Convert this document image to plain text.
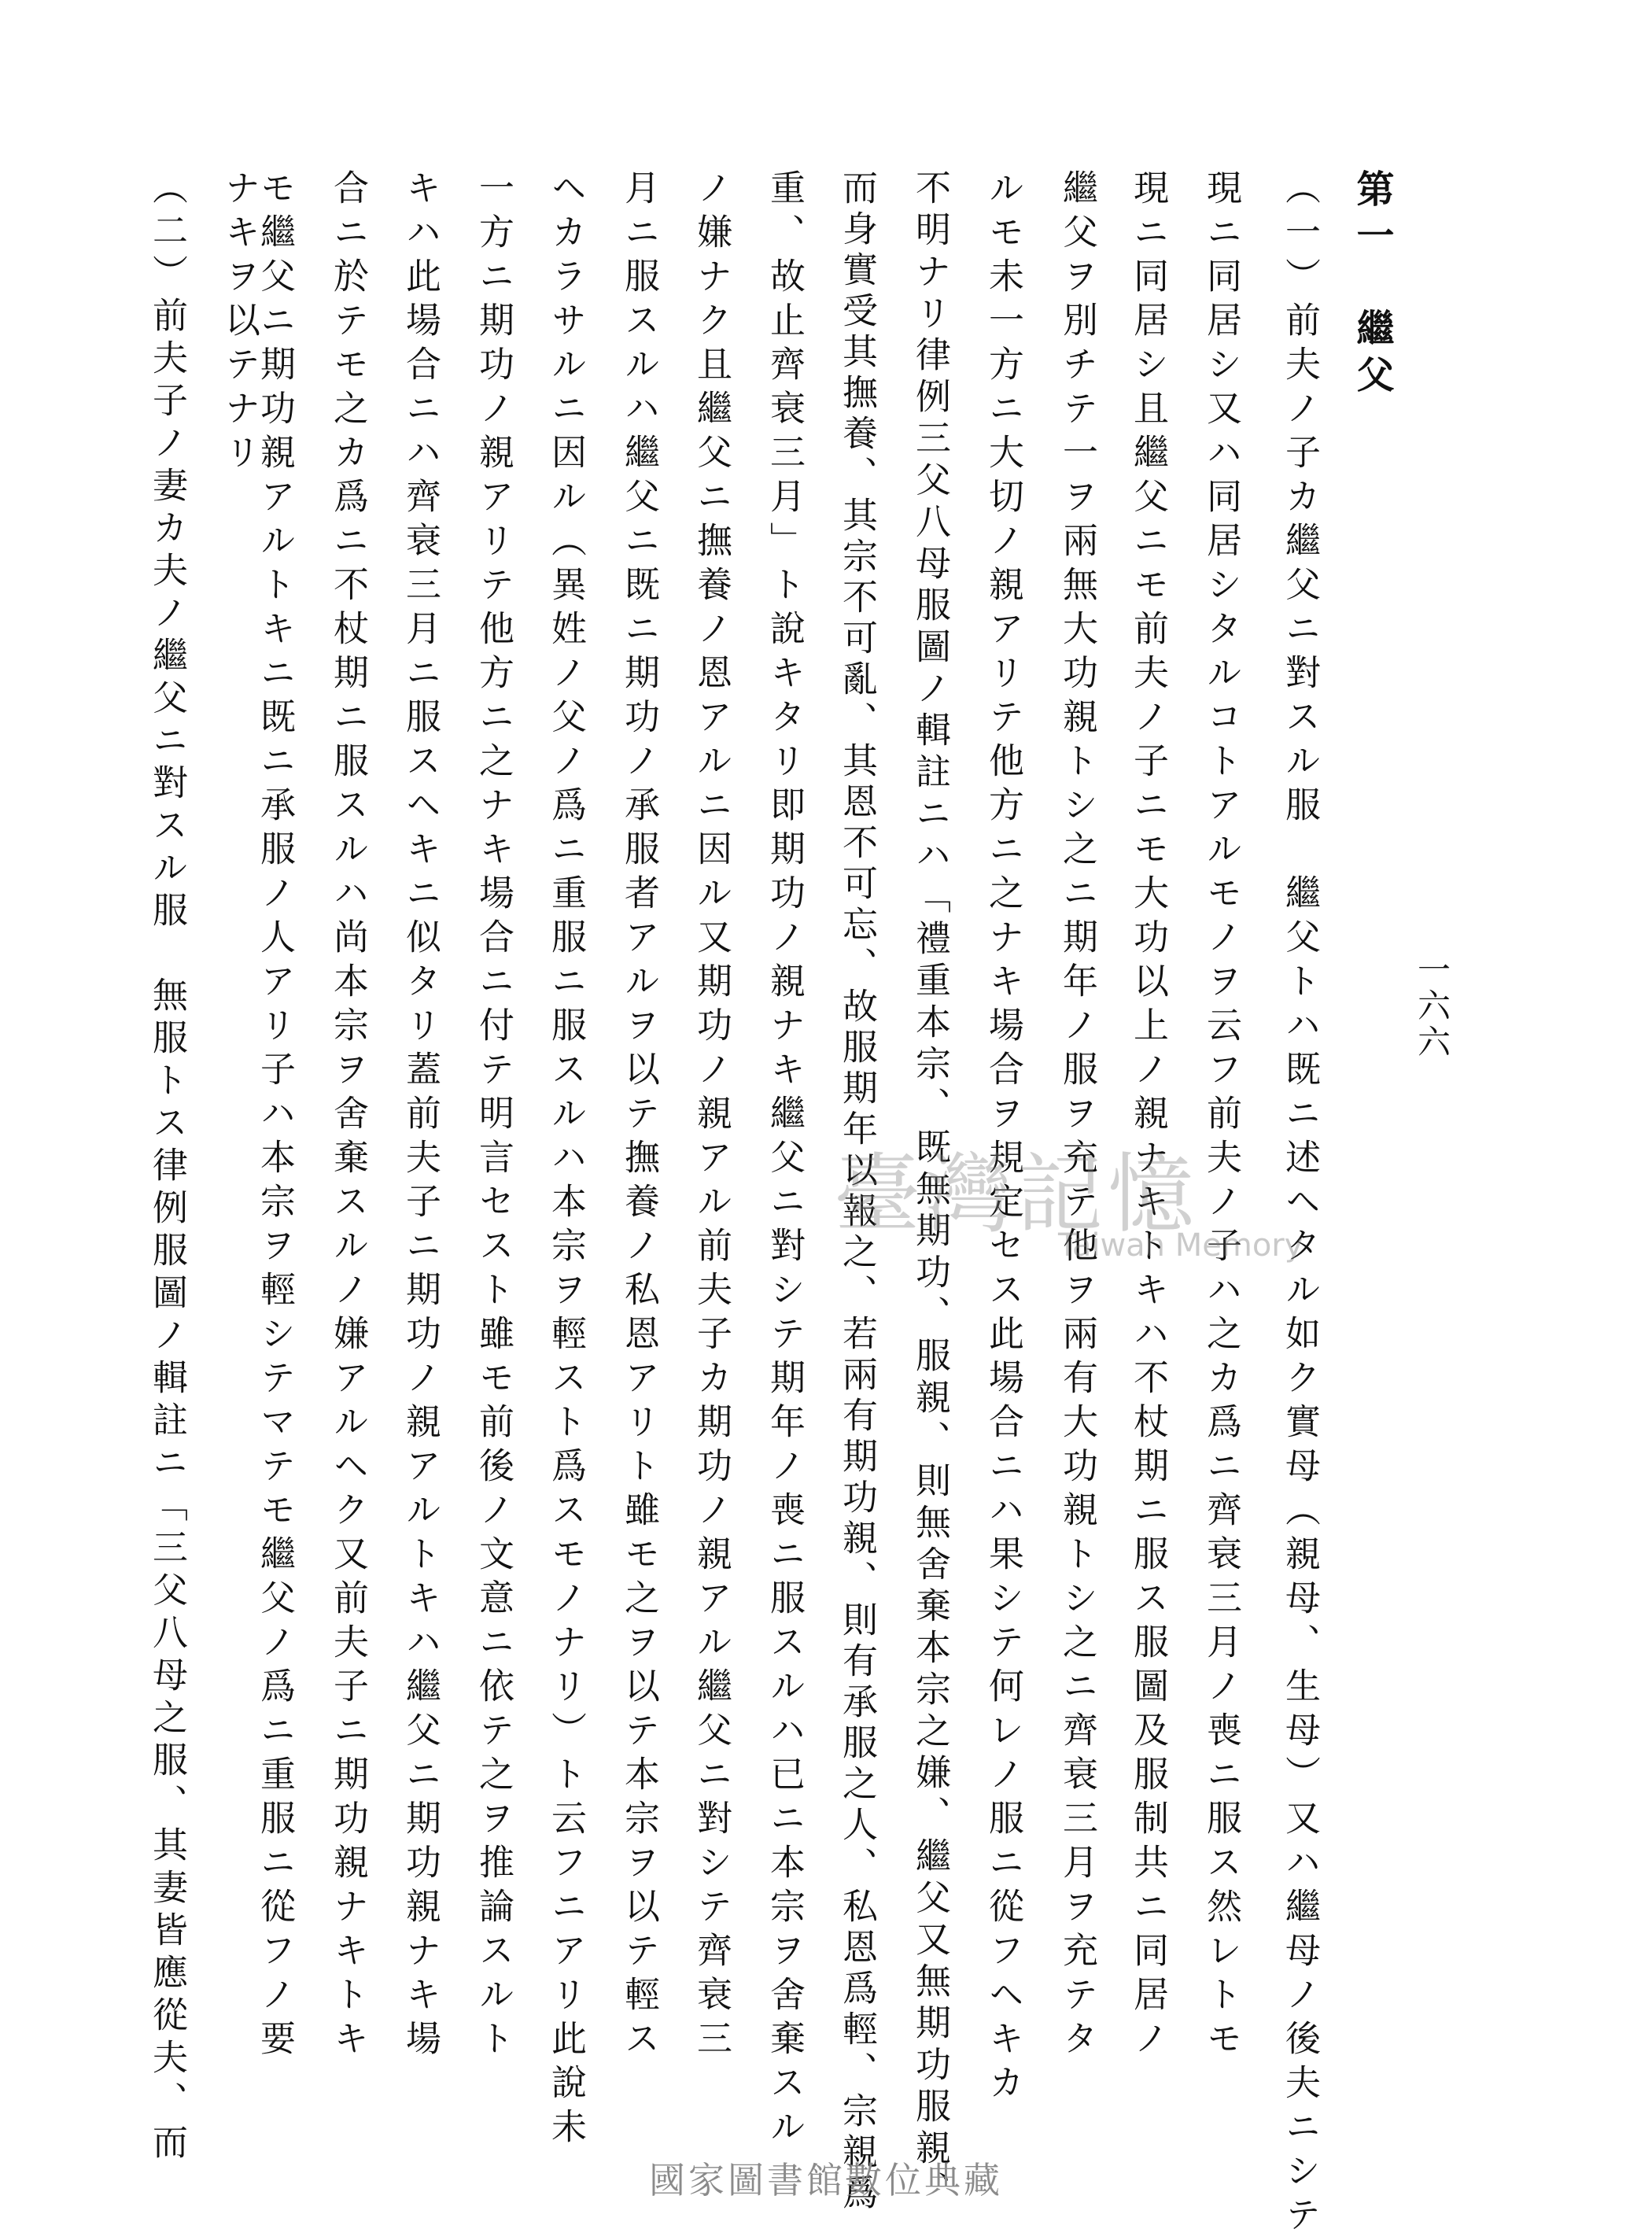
一六六

第一　繼父

（一）前夫ノ子カ繼父ニ對スル服　繼父トハ既ニ述ヘタル如ク實母（親母、生母）又ハ繼母ノ後夫ニシテ

現ニ同居シ又ハ同居シタルコトアルモノヲ云フ前夫ノ子ハ之カ爲ニ齊衰三月ノ喪ニ服ス然レトモ

現ニ同居シ且繼父ニモ前夫ノ子ニモ大功以上ノ親ナキトキハ不杖期ニ服ス服圖及服制共ニ同居ノ

繼父ヲ別チテ一ヲ兩無大功親トシ之ニ期年ノ服ヲ充テ他ヲ兩有大功親トシ之ニ齊衰三月ヲ充テタ

ルモ未一方ニ大切ノ親アリテ他方ニ之ナキ場合ヲ規定セス此場合ニハ果シテ何レノ服ニ從フヘキカ

不明ナリ律例三父八母服圖ノ輯註ニハ「禮重本宗、既無期功、服親、則無舍棄本宗之嫌、繼父又無期功服親、

而身實受其撫養、其宗不可亂、其恩不可忘、故服期年以報之、若兩有期功親、則有承服之人、私恩爲輕、宗親爲

重、故止齊衰三月」ト說キタリ即期功ノ親ナキ繼父ニ對シテ期年ノ喪ニ服スルハ已ニ本宗ヲ舍棄スル

ノ嫌ナク且繼父ニ撫養ノ恩アルニ因ル又期功ノ親アル前夫子カ期功ノ親アル繼父ニ對シテ齊衰三

月ニ服スルハ繼父ニ既ニ期功ノ承服者アルヲ以テ撫養ノ私恩アリト雖モ之ヲ以テ本宗ヲ以テ輕ス

ヘカラサルニ因ル（異姓ノ父ノ爲ニ重服ニ服スルハ本宗ヲ輕スト爲スモノナリ）ト云フニアリ此說未

一方ニ期功ノ親アリテ他方ニ之ナキ場合ニ付テ明言セスト雖モ前後ノ文意ニ依テ之ヲ推論スルト

キハ此場合ニハ齊衰三月ニ服スヘキニ似タリ蓋前夫子ニ期功ノ親アルトキハ繼父ニ期功親ナキ場

合ニ於テモ之カ爲ニ不杖期ニ服スルハ尚本宗ヲ舍棄スルノ嫌アルヘク又前夫子ニ期功親ナキトキ

モ繼父ニ期功親アルトキニ既ニ承服ノ人アリ子ハ本宗ヲ輕シテマテモ繼父ノ爲ニ重服ニ從フノ要

ナキヲ以テナリ

（二）前夫子ノ妻カ夫ノ繼父ニ對スル服　無服トス律例服圖ノ輯註ニ「三父八母之服、其妻皆應從夫、而	臺灣記憶
Taiwan Memory
國家圖書館數位典藏
